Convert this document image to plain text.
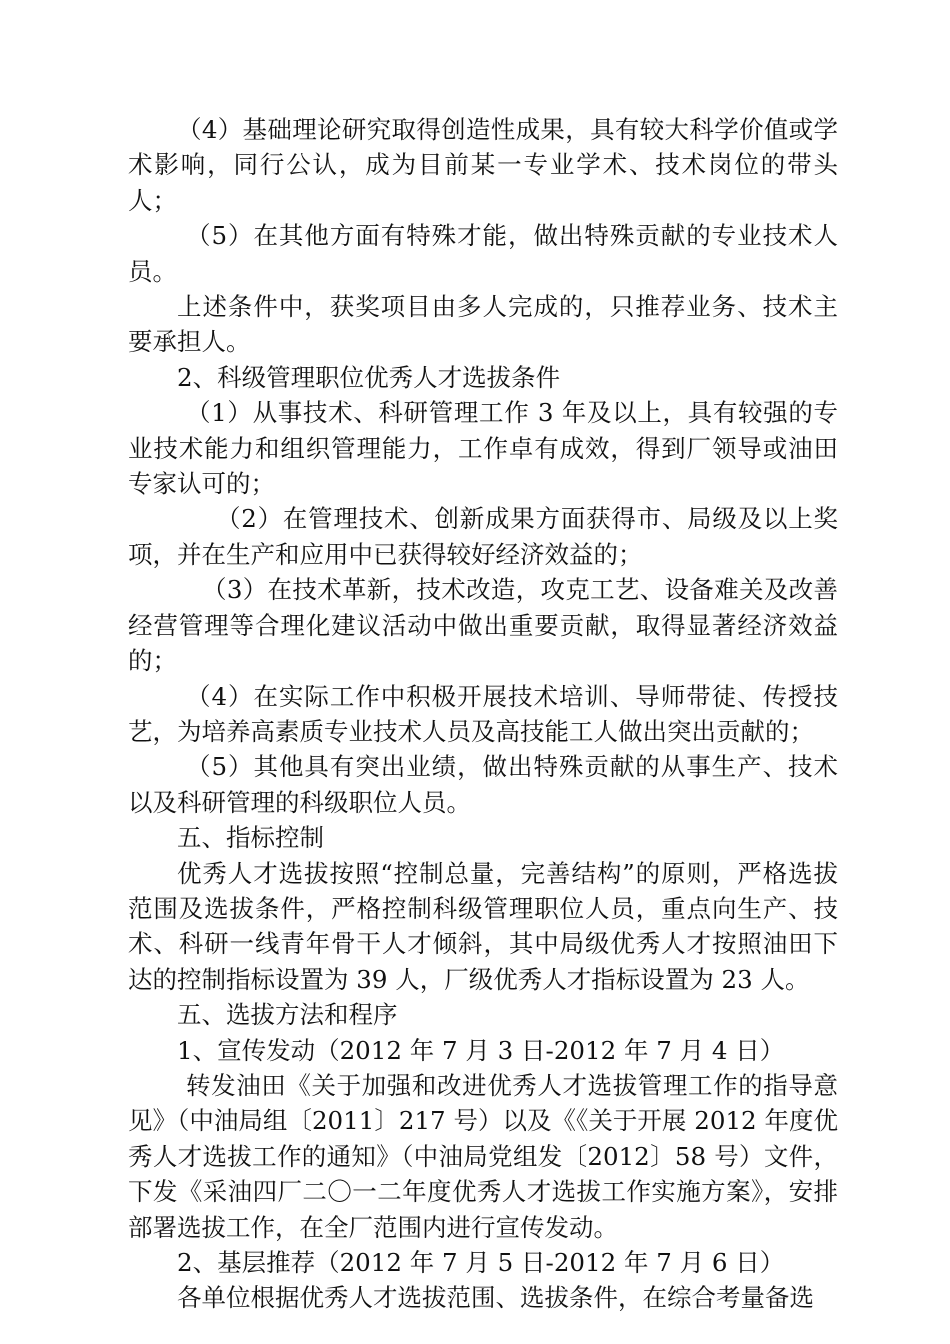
（4）基础理论研究取得创造性成果，具有较大科学价值或学术影响，同行公认，成为目前某一专业学术、技术岗位的带头人；

（5）在其他方面有特殊才能，做出特殊贡献的专业技术人员。

上述条件中，获奖项目由多人完成的，只推荐业务、技术主要承担人。

2、科级管理职位优秀人才选拔条件

（1）从事技术、科研管理工作 3 年及以上，具有较强的专业技术能力和组织管理能力，工作卓有成效，得到厂领导或油田专家认可的；

（2）在管理技术、创新成果方面获得市、局级及以上奖项，并在生产和应用中已获得较好经济效益的；

（3）在技术革新，技术改造，攻克工艺、设备难关及改善经营管理等合理化建议活动中做出重要贡献，取得显著经济效益的；

（4）在实际工作中积极开展技术培训、导师带徒、传授技艺，为培养高素质专业技术人员及高技能工人做出突出贡献的；

（5）其他具有突出业绩，做出特殊贡献的从事生产、技术以及科研管理的科级职位人员。

五、指标控制

优秀人才选拔按照“控制总量，完善结构”的原则，严格选拔范围及选拔条件，严格控制科级管理职位人员，重点向生产、技术、科研一线青年骨干人才倾斜，其中局级优秀人才按照油田下达的控制指标设置为 39 人，厂级优秀人才指标设置为 23 人。

五、选拔方法和程序

1、宣传发动（2012 年 7 月 3 日-2012 年 7 月 4 日）

转发油田《关于加强和改进优秀人才选拔管理工作的指导意见》（中油局组〔2011〕217 号）以及《《关于开展 2012 年度优秀人才选拔工作的通知》（中油局党组发〔2012〕58 号）文件，下发《采油四厂二〇一二年度优秀人才选拔工作实施方案》，安排部署选拔工作，在全厂范围内进行宣传发动。

2、基层推荐（2012 年 7 月 5 日-2012 年 7 月 6 日）

各单位根据优秀人才选拔范围、选拔条件，在综合考量备选
